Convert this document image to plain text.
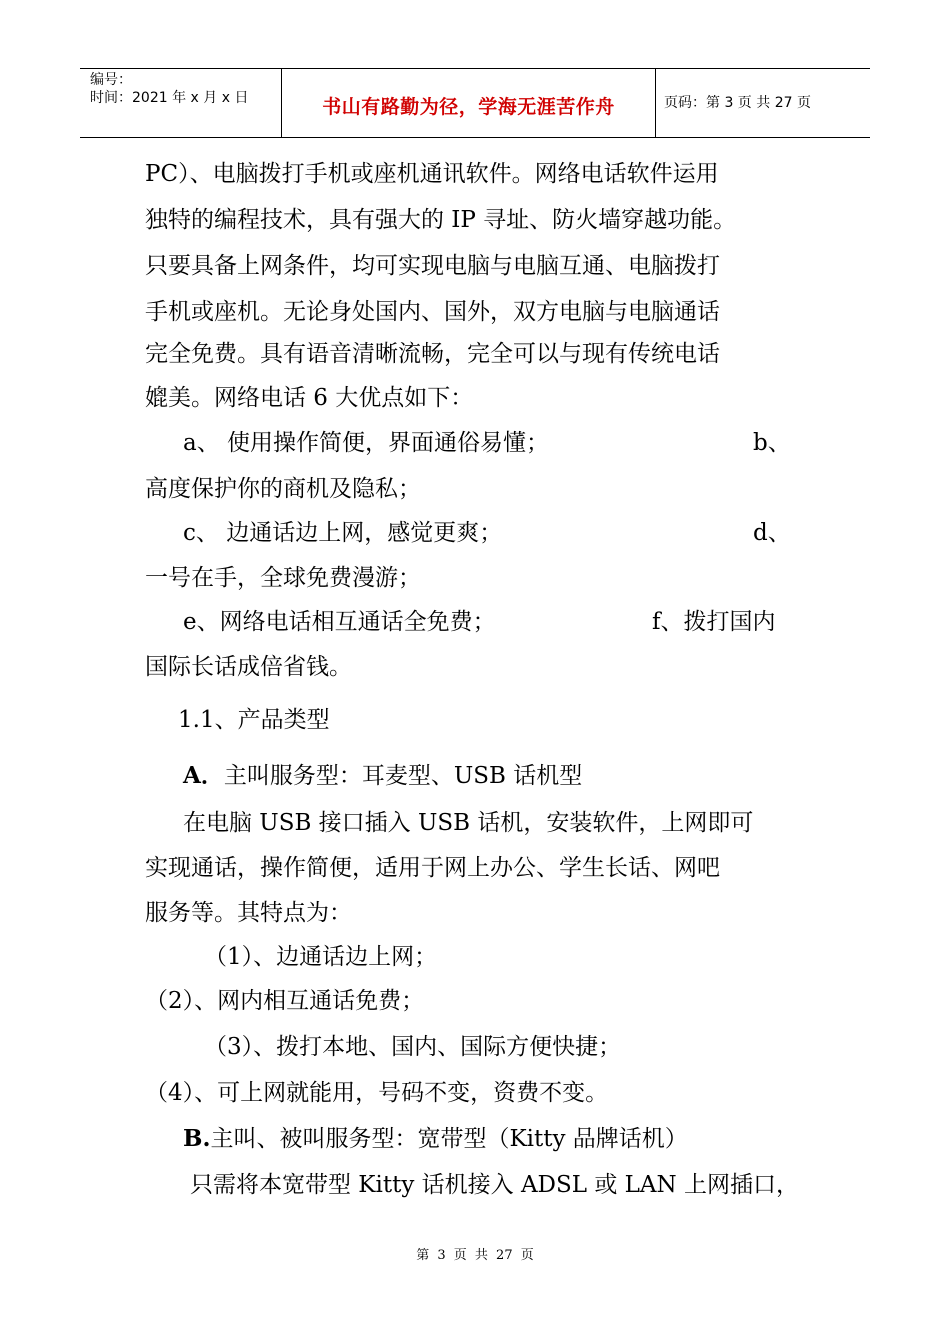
编号：
时间：2021 年 x 月 x 日	书山有路勤为径，学海无涯苦作舟	页码：第 3 页 共 27 页
PC）、电脑拨打手机或座机通讯软件。网络电话软件运用
独特的编程技术，具有强大的 IP 寻址、防火墙穿越功能。
只要具备上网条件，均可实现电脑与电脑互通、电脑拨打
手机或座机。无论身处国内、国外，双方电脑与电脑通话
完全免费。具有语音清晰流畅，完全可以与现有传统电话
媲美。网络电话 6 大优点如下：
a、 使用操作简便，界面通俗易懂；	b、
高度保护你的商机及隐私；
c、 边通话边上网，感觉更爽；	d、
一号在手，全球免费漫游；
e、网络电话相互通话全免费；	f、拨打国内
国际长话成倍省钱。
1.1、产品类型
A．主叫服务型：耳麦型、USB 话机型
在电脑 USB 接口插入 USB 话机，安装软件，上网即可
实现通话，操作简便，适用于网上办公、学生长话、网吧
服务等。其特点为：
（1）、边通话边上网；
（2）、网内相互通话免费；
（3）、拨打本地、国内、国际方便快捷；
（4）、可上网就能用，号码不变，资费不变。
B.主叫、被叫服务型：宽带型（Kitty 品牌话机）
只需将本宽带型 Kitty 话机接入 ADSL 或 LAN 上网插口，
第 3 页 共 27 页
